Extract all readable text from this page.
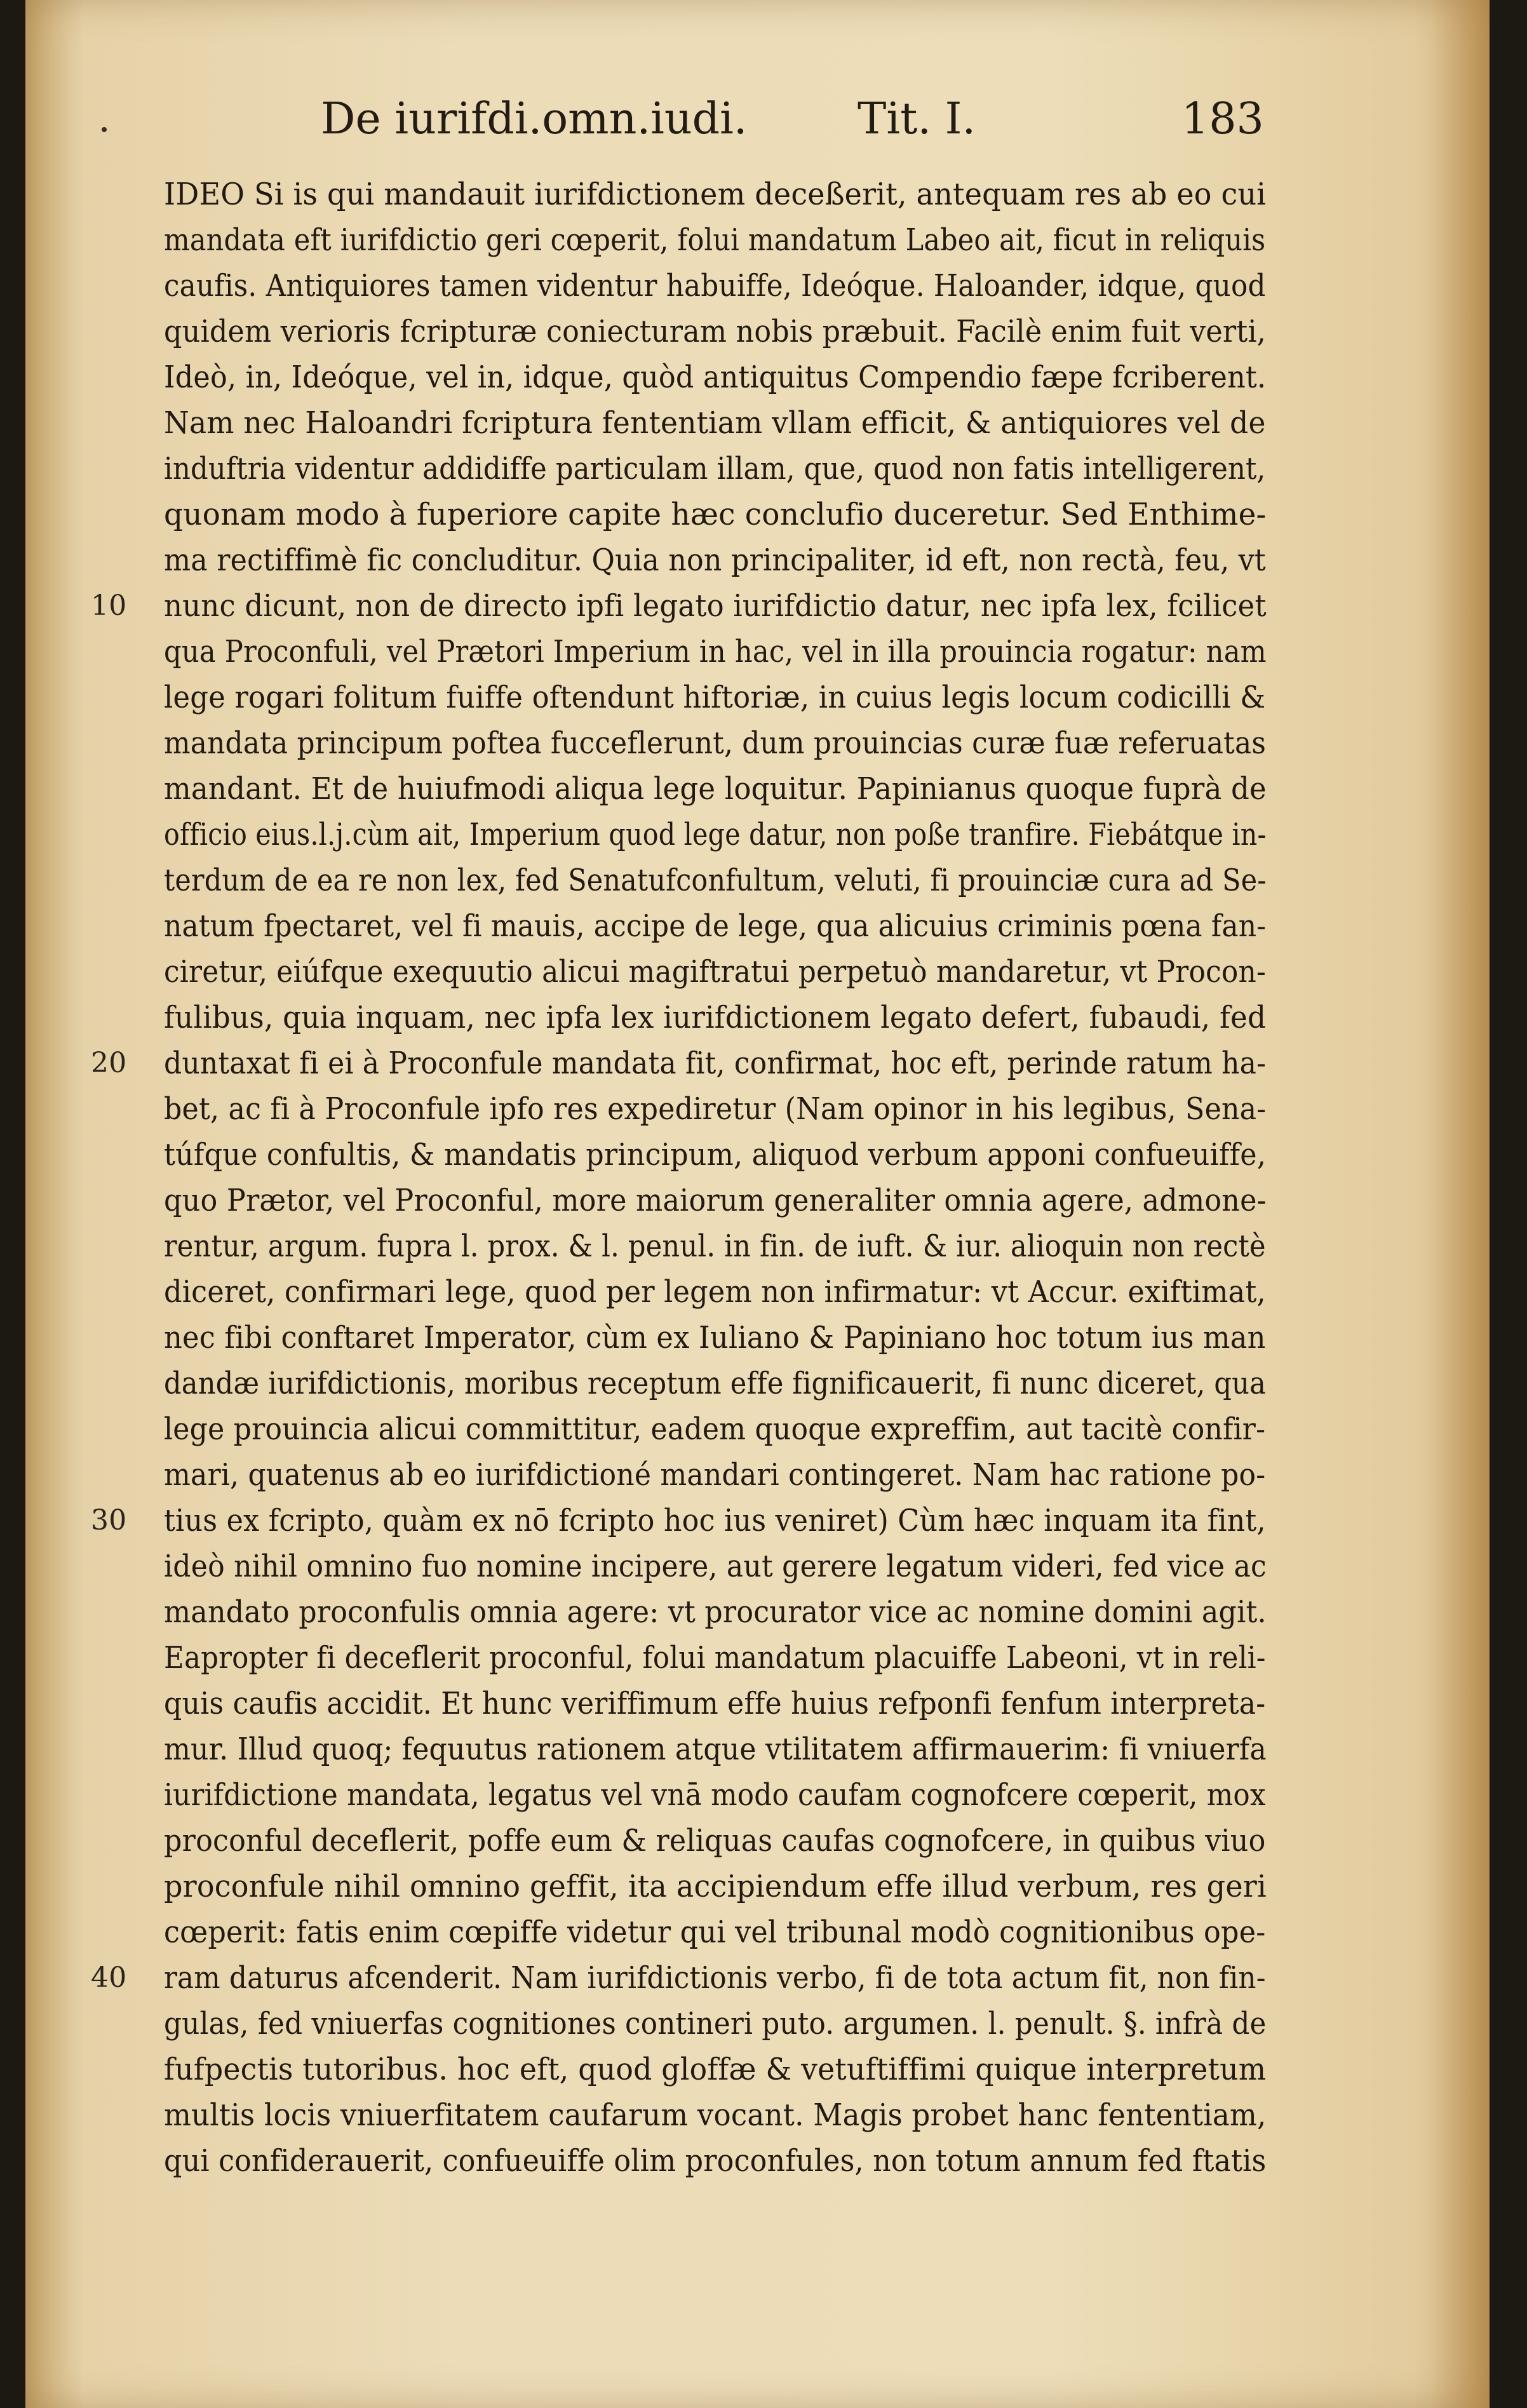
De iurifdi.omn.iudi.	Tit. I.	183
IDEO Si is qui mandauit iurifdictionem deceßerit, antequam res ab eo cui
mandata eft iurifdictio geri cœperit, folui mandatum Labeo ait, ficut in reliquis
caufis. Antiquiores tamen videntur habuiffe, Ideóque. Haloander, idque, quod
quidem verioris fcripturæ coniecturam nobis præbuit. Facilè enim fuit verti,
Ideò, in, Ideóque, vel in, idque, quòd antiquitus Compendio fæpe fcriberent.
Nam nec Haloandri fcriptura fententiam vllam efficit, & antiquiores vel de
induftria videntur addidiffe particulam illam, que, quod non fatis intelligerent,
quonam modo à fuperiore capite hæc conclufio duceretur. Sed Enthime-
ma rectiffimè fic concluditur. Quia non principaliter, id eft, non rectà, feu, vt
nunc dicunt, non de directo ipfi legato iurifdictio datur, nec ipfa lex, fcilicet
10
qua Proconfuli, vel Prætori Imperium in hac, vel in illa prouincia rogatur: nam
lege rogari folitum fuiffe oftendunt hiftoriæ, in cuius legis locum codicilli &
mandata principum poftea fucceflerunt, dum prouincias curæ fuæ referuatas
mandant. Et de huiufmodi aliqua lege loquitur. Papinianus quoque fuprà de
officio eius.l.j.cùm ait, Imperium quod lege datur, non poße tranfire. Fiebátque in-
terdum de ea re non lex, fed Senatufconfultum, veluti, fi prouinciæ cura ad Se-
natum fpectaret, vel fi mauis, accipe de lege, qua alicuius criminis pœna fan-
ciretur, eiúfque exequutio alicui magiftratui perpetuò mandaretur, vt Procon-
fulibus, quia inquam, nec ipfa lex iurifdictionem legato defert, fubaudi, fed
duntaxat fi ei à Proconfule mandata fit, confirmat, hoc eft, perinde ratum ha-
20
bet, ac fi à Proconfule ipfo res expediretur (Nam opinor in his legibus, Sena-
túfque confultis, & mandatis principum, aliquod verbum apponi confueuiffe,
quo Prætor, vel Proconful, more maiorum generaliter omnia agere, admone-
rentur, argum. fupra l. prox. & l. penul. in fin. de iuft. & iur. alioquin non rectè
diceret, confirmari lege, quod per legem non infirmatur: vt Accur. exiftimat,
nec fibi conftaret Imperator, cùm ex Iuliano & Papiniano hoc totum ius man
dandæ iurifdictionis, moribus receptum effe fignificauerit, fi nunc diceret, qua
lege prouincia alicui committitur, eadem quoque expreffim, aut tacitè confir-
mari, quatenus ab eo iurifdictioné mandari contingeret. Nam hac ratione po-
tius ex fcripto, quàm ex nō fcripto hoc ius veniret) Cùm hæc inquam ita fint,
30
ideò nihil omnino fuo nomine incipere, aut gerere legatum videri, fed vice ac
mandato proconfulis omnia agere: vt procurator vice ac nomine domini agit.
Eapropter fi deceflerit proconful, folui mandatum placuiffe Labeoni, vt in reli-
quis caufis accidit. Et hunc veriffimum effe huius refponfi fenfum interpreta-
mur. Illud quoq; fequutus rationem atque vtilitatem affirmauerim: fi vniuerfa
iurifdictione mandata, legatus vel vnā modo caufam cognofcere cœperit, mox
proconful deceflerit, poffe eum & reliquas caufas cognofcere, in quibus viuo
proconfule nihil omnino geffit, ita accipiendum effe illud verbum, res geri
cœperit: fatis enim cœpiffe videtur qui vel tribunal modò cognitionibus ope-
ram daturus afcenderit. Nam iurifdictionis verbo, fi de tota actum fit, non fin-
40
gulas, fed vniuerfas cognitiones contineri puto. argumen. l. penult. §. infrà de
fufpectis tutoribus. hoc eft, quod gloffæ & vetuftiffimi quique interpretum
multis locis vniuerfitatem caufarum vocant. Magis probet hanc fententiam,
qui confiderauerit, confueuiffe olim proconfules, non totum annum fed ftatis
